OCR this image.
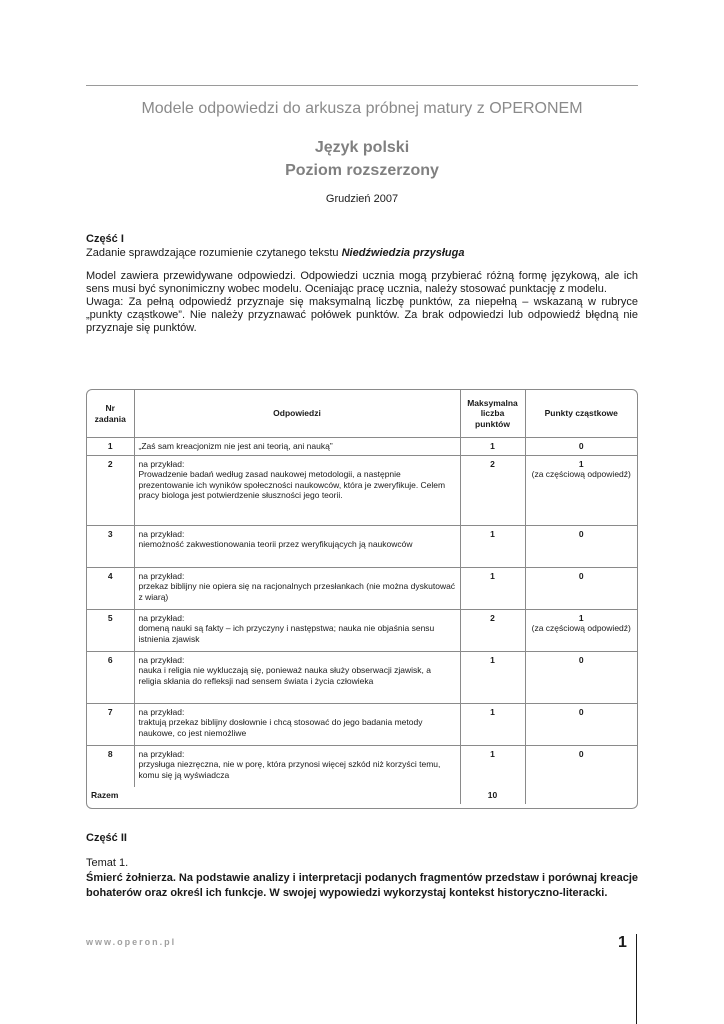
Modele odpowiedzi do arkusza próbnej matury z OPERONEM
Język polski
Poziom rozszerzony
Grudzień 2007
Część I
Zadanie sprawdzające rozumienie czytanego tekstu Niedźwiedzia przysługa

Model zawiera przewidywane odpowiedzi. Odpowiedzi ucznia mogą przybierać różną formę językową, ale ich sens musi być synonimiczny wobec modelu. Oceniając pracę ucznia, należy stosować punktację z modelu.

Uwaga: Za pełną odpowiedź przyznaje się maksymalną liczbę punktów, za niepełną – wskazaną w rubryce „punkty cząstkowe”. Nie należy przyznawać połówek punktów. Za brak odpowiedzi lub odpowiedź błędną nie przyznaje się punktów.

Nr zadania	Odpowiedzi	Maksymalna liczba punktów	Punkty cząstkowe
1	„Zaś sam kreacjonizm nie jest ani teorią, ani nauką”	1	0

2	na przykład:
Prowadzenie badań według zasad naukowej metodologii, a następnie prezentowanie ich wyników społeczności naukowców, która je zweryfikuje. Celem pracy biologa jest potwierdzenie słuszności jego teorii.	2	1
(za częściową odpowiedź)

3	na przykład:
niemożność zakwestionowania teorii przez weryfikujących ją naukowców	1	0

4	na przykład:
przekaz biblijny nie opiera się na racjonalnych przesłankach (nie można dyskutować z wiarą)	1	0

5	na przykład:
domeną nauki są fakty – ich przyczyny i następstwa; nauka nie objaśnia sensu istnienia zjawisk	2	1
(za częściową odpowiedź)

6	na przykład:
nauka i religia nie wykluczają się, ponieważ nauka służy obserwacji zjawisk, a religia skłania do refleksji nad sensem świata i życia człowieka	1	0

7	na przykład:
traktują przekaz biblijny dosłownie i chcą stosować do jego badania metody naukowe, co jest niemożliwe	1	0

8	na przykład:
przysługa niezręczna, nie w porę, która przynosi więcej szkód niż korzyści temu, komu się ją wyświadcza	1	0

Razem		10	
Część II
Temat 1.

Śmierć żołnierza. Na podstawie analizy i interpretacji podanych fragmentów przedstaw i porównaj kreacje bohaterów oraz określ ich funkcje. W swojej wypowiedzi wykorzystaj kontekst historyczno-literacki.

www.operon.pl	1
